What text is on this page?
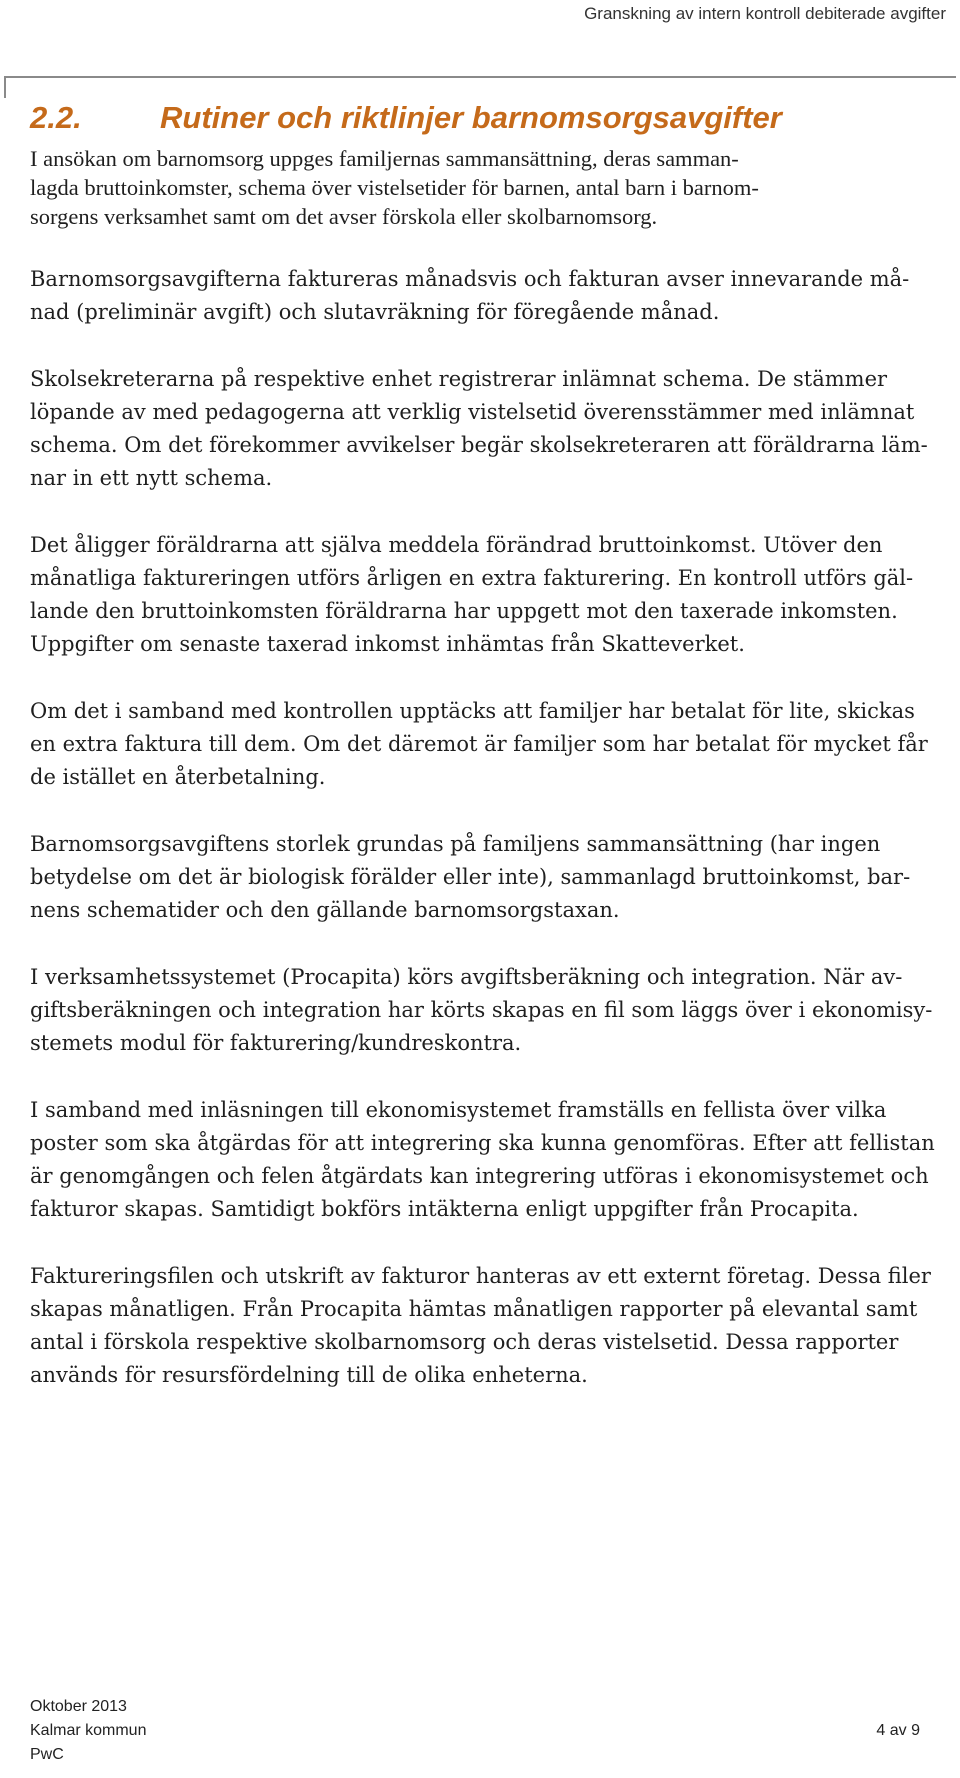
Granskning av intern kontroll debiterade avgifter
2.2.	Rutiner och riktlinjer barnomsorgsavgifter

I ansökan om barnomsorg uppges familjernas sammansättning, deras samman-
lagda bruttoinkomster, schema över vistelsetider för barnen, antal barn i barnom-
sorgens verksamhet samt om det avser förskola eller skolbarnomsorg.

Barnomsorgsavgifterna faktureras månadsvis och fakturan avser innevarande må-
nad (preliminär avgift) och slutavräkning för föregående månad.

Skolsekreterarna på respektive enhet registrerar inlämnat schema. De stämmer
löpande av med pedagogerna att verklig vistelsetid överensstämmer med inlämnat
schema. Om det förekommer avvikelser begär skolsekreteraren att föräldrarna läm-
nar in ett nytt schema.

Det åligger föräldrarna att själva meddela förändrad bruttoinkomst. Utöver den
månatliga faktureringen utförs årligen en extra fakturering. En kontroll utförs gäl-
lande den bruttoinkomsten föräldrarna har uppgett mot den taxerade inkomsten.
Uppgifter om senaste taxerad inkomst inhämtas från Skatteverket.

Om det i samband med kontrollen upptäcks att familjer har betalat för lite, skickas
en extra faktura till dem. Om det däremot är familjer som har betalat för mycket får
de istället en återbetalning.

Barnomsorgsavgiftens storlek grundas på familjens sammansättning (har ingen
betydelse om det är biologisk förälder eller inte), sammanlagd bruttoinkomst, bar-
nens schematider och den gällande barnomsorgstaxan.

I verksamhetssystemet (Procapita) körs avgiftsberäkning och integration. När av-
giftsberäkningen och integration har körts skapas en fil som läggs över i ekonomisy-
stemets modul för fakturering/kundreskontra.

I samband med inläsningen till ekonomisystemet framställs en fellista över vilka
poster som ska åtgärdas för att integrering ska kunna genomföras. Efter att fellistan
är genomgången och felen åtgärdats kan integrering utföras i ekonomisystemet och
fakturor skapas. Samtidigt bokförs intäkterna enligt uppgifter från Procapita.

Faktureringsfilen och utskrift av fakturor hanteras av ett externt företag. Dessa filer
skapas månatligen. Från Procapita hämtas månatligen rapporter på elevantal samt
antal i förskola respektive skolbarnomsorg och deras vistelsetid. Dessa rapporter
används för resursfördelning till de olika enheterna.

Oktober 2013
Kalmar kommun
PwC
4 av 9
